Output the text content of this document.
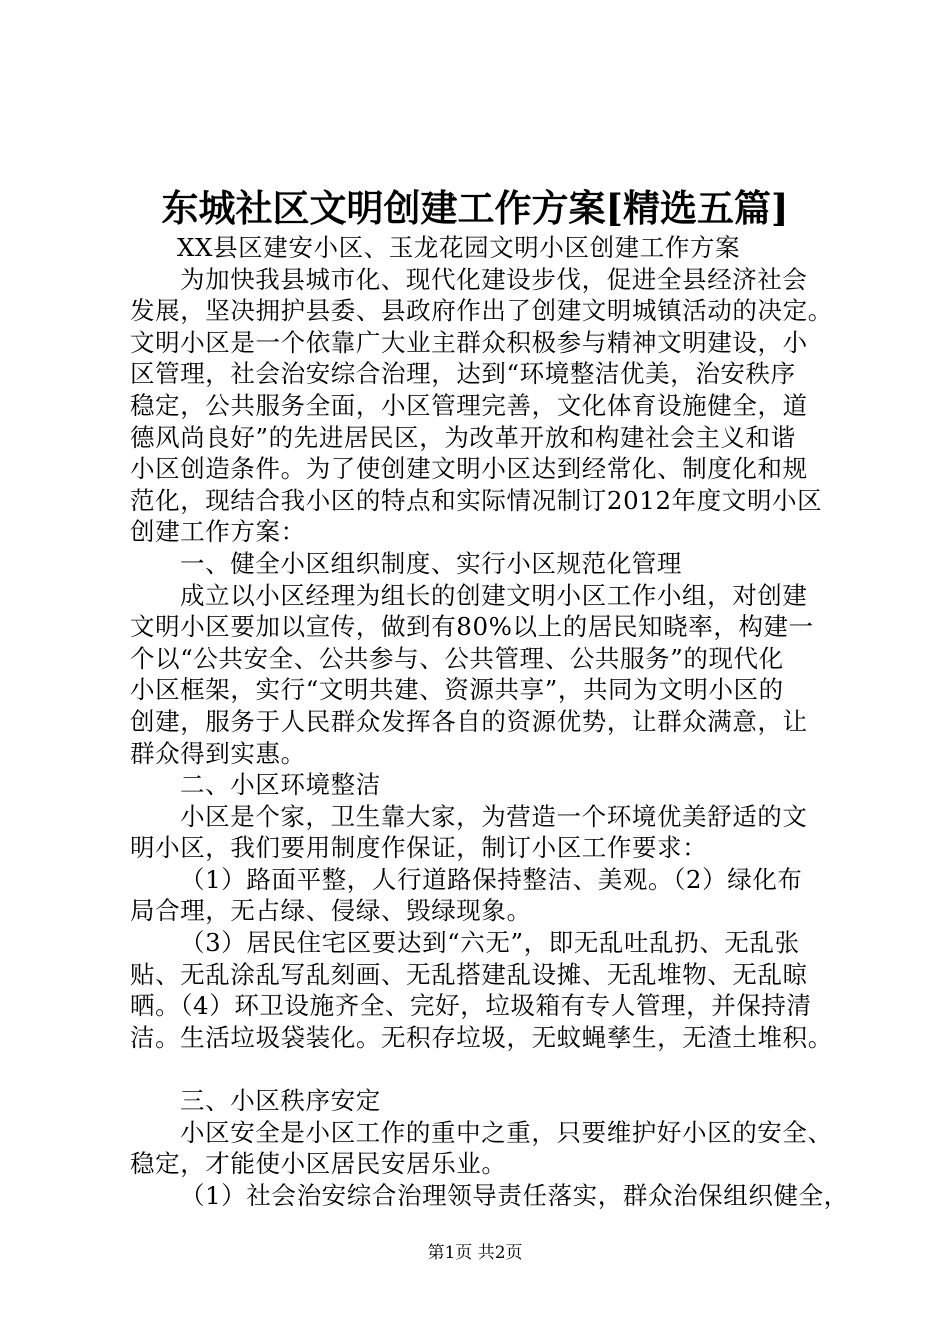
东城社区文明创建工作方案[精选五篇]
XX县区建安小区、玉龙花园文明小区创建工作方案
为加快我县城市化、现代化建设步伐，促进全县经济社会
发展，坚决拥护县委、县政府作出了创建文明城镇活动的决定。
文明小区是一个依靠广大业主群众积极参与精神文明建设，小
区管理，社会治安综合治理，达到“环境整洁优美，治安秩序
稳定，公共服务全面，小区管理完善，文化体育设施健全，道
德风尚良好”的先进居民区，为改革开放和构建社会主义和谐
小区创造条件。为了使创建文明小区达到经常化、制度化和规
范化，现结合我小区的特点和实际情况制订2012年度文明小区
创建工作方案：
一、健全小区组织制度、实行小区规范化管理
成立以小区经理为组长的创建文明小区工作小组，对创建
文明小区要加以宣传，做到有80%以上的居民知晓率，构建一
个以“公共安全、公共参与、公共管理、公共服务”的现代化
小区框架，实行“文明共建、资源共享”，共同为文明小区的
创建，服务于人民群众发挥各自的资源优势，让群众满意，让
群众得到实惠。
二、小区环境整洁
小区是个家，卫生靠大家，为营造一个环境优美舒适的文
明小区，我们要用制度作保证，制订小区工作要求：
（1）路面平整，人行道路保持整洁、美观。（2）绿化布
局合理，无占绿、侵绿、毁绿现象。
（3）居民住宅区要达到“六无”，即无乱吐乱扔、无乱张
贴、无乱涂乱写乱刻画、无乱搭建乱设摊、无乱堆物、无乱晾
晒。（4）环卫设施齐全、完好，垃圾箱有专人管理，并保持清
洁。生活垃圾袋装化。无积存垃圾，无蚊蝇孳生，无渣土堆积。
三、小区秩序安定
小区安全是小区工作的重中之重，只要维护好小区的安全、
稳定，才能使小区居民安居乐业。
（1）社会治安综合治理领导责任落实，群众治保组织健全，
第1页 共2页
